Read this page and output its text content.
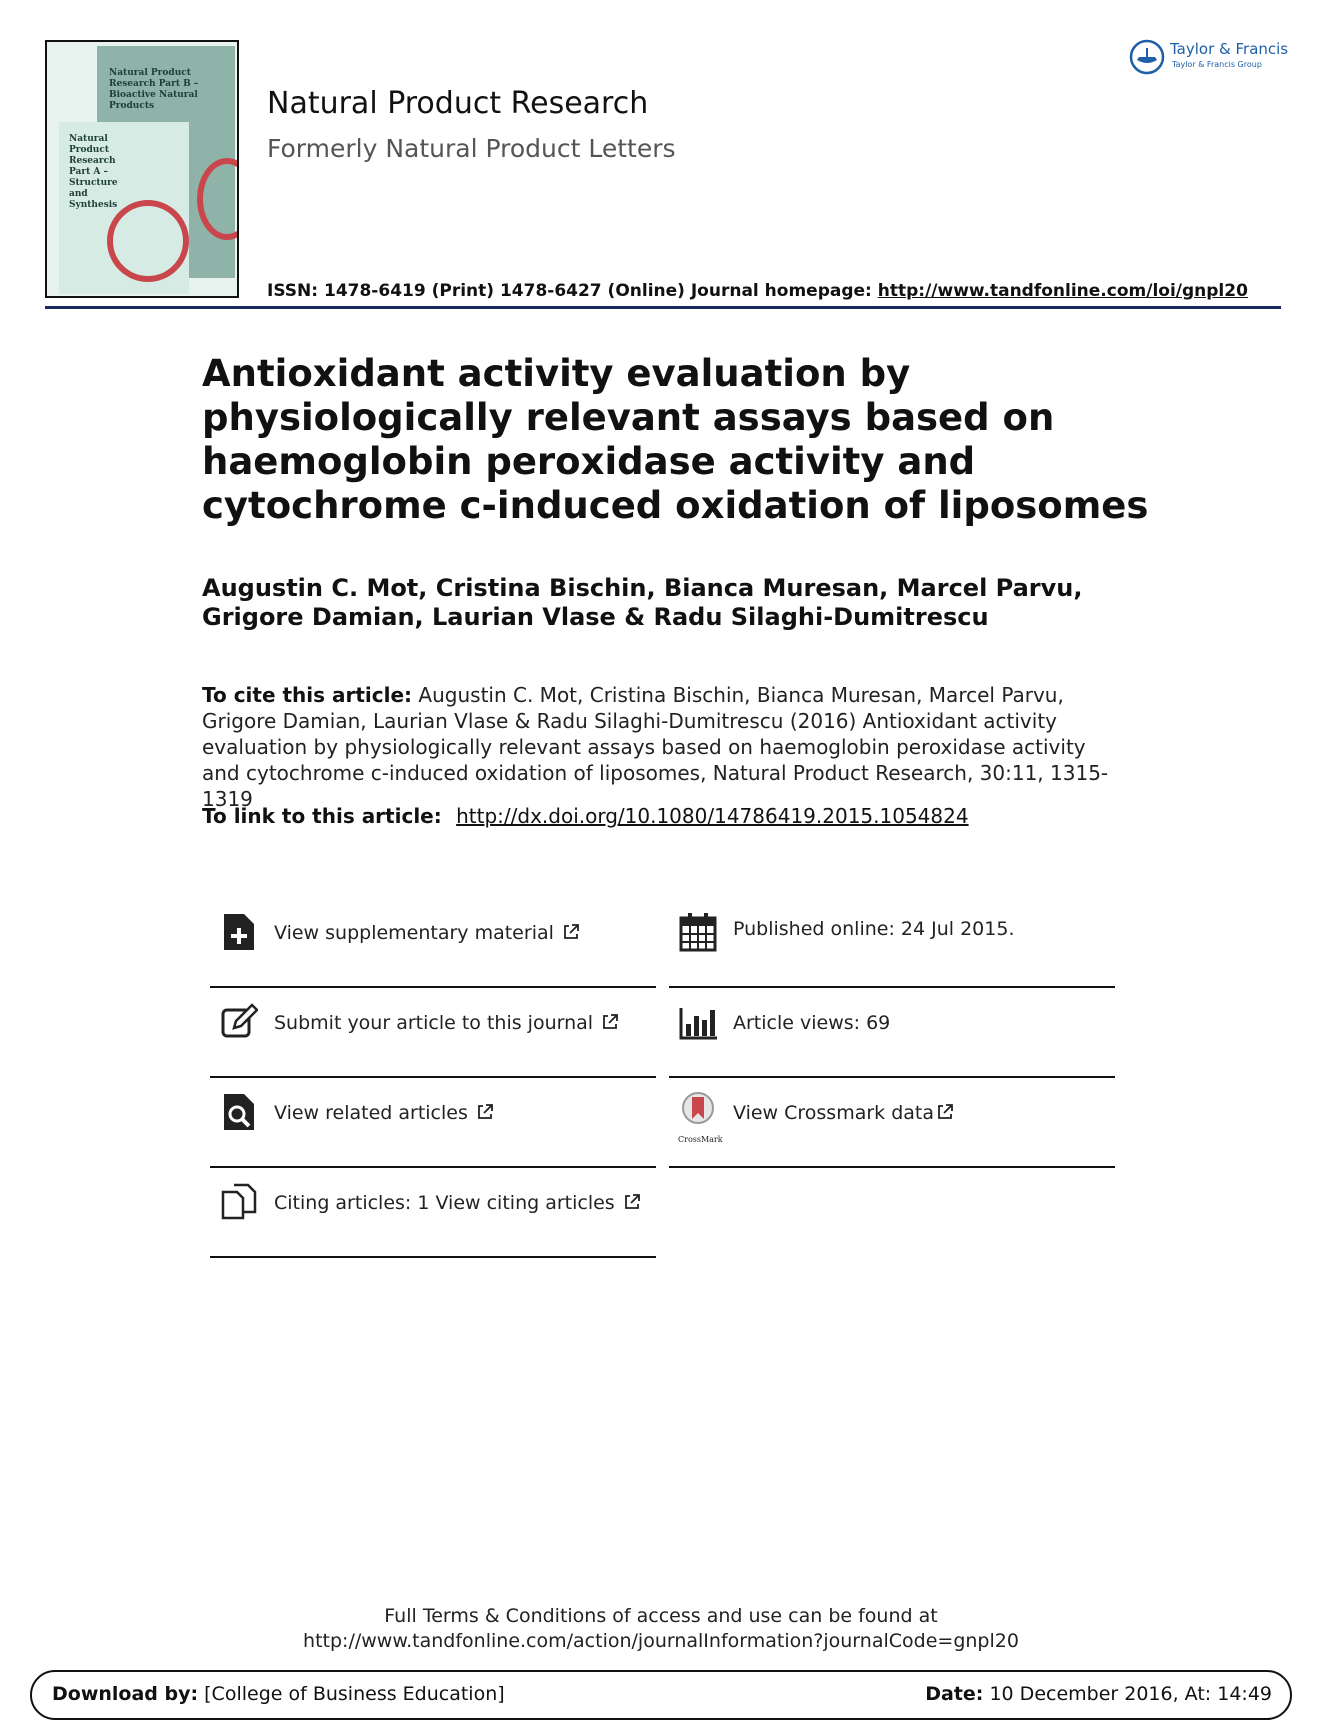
Natural Product Research Part B – Bioactive Natural Products
Natural Product Research Part A – Structure and Synthesis
Natural Product Research
Formerly Natural Product Letters
ISSN: 1478-6419 (Print) 1478-6427 (Online) Journal homepage: http://www.tandfonline.com/loi/gnpl20
Taylor & Francis
Taylor & Francis Group
Antioxidant activity evaluation by physiologically relevant assays based on haemoglobin peroxidase activity and cytochrome c-induced oxidation of liposomes
Augustin C. Mot, Cristina Bischin, Bianca Muresan, Marcel Parvu, Grigore Damian, Laurian Vlase & Radu Silaghi-Dumitrescu
To cite this article: Augustin C. Mot, Cristina Bischin, Bianca Muresan, Marcel Parvu, Grigore Damian, Laurian Vlase & Radu Silaghi-Dumitrescu (2016) Antioxidant activity evaluation by physiologically relevant assays based on haemoglobin peroxidase activity and cytochrome c-induced oxidation of liposomes, Natural Product Research, 30:11, 1315-1319
To link to this article: http://dx.doi.org/10.1080/14786419.2015.1054824
View supplementary material
Submit your article to this journal
View related articles
Citing articles: 1 View citing articles
Published online: 24 Jul 2015.
Article views: 69
CrossMark
View Crossmark data
Full Terms & Conditions of access and use can be found at
http://www.tandfonline.com/action/journalInformation?journalCode=gnpl20
Download by: [College of Business Education]	Date: 10 December 2016, At: 14:49
